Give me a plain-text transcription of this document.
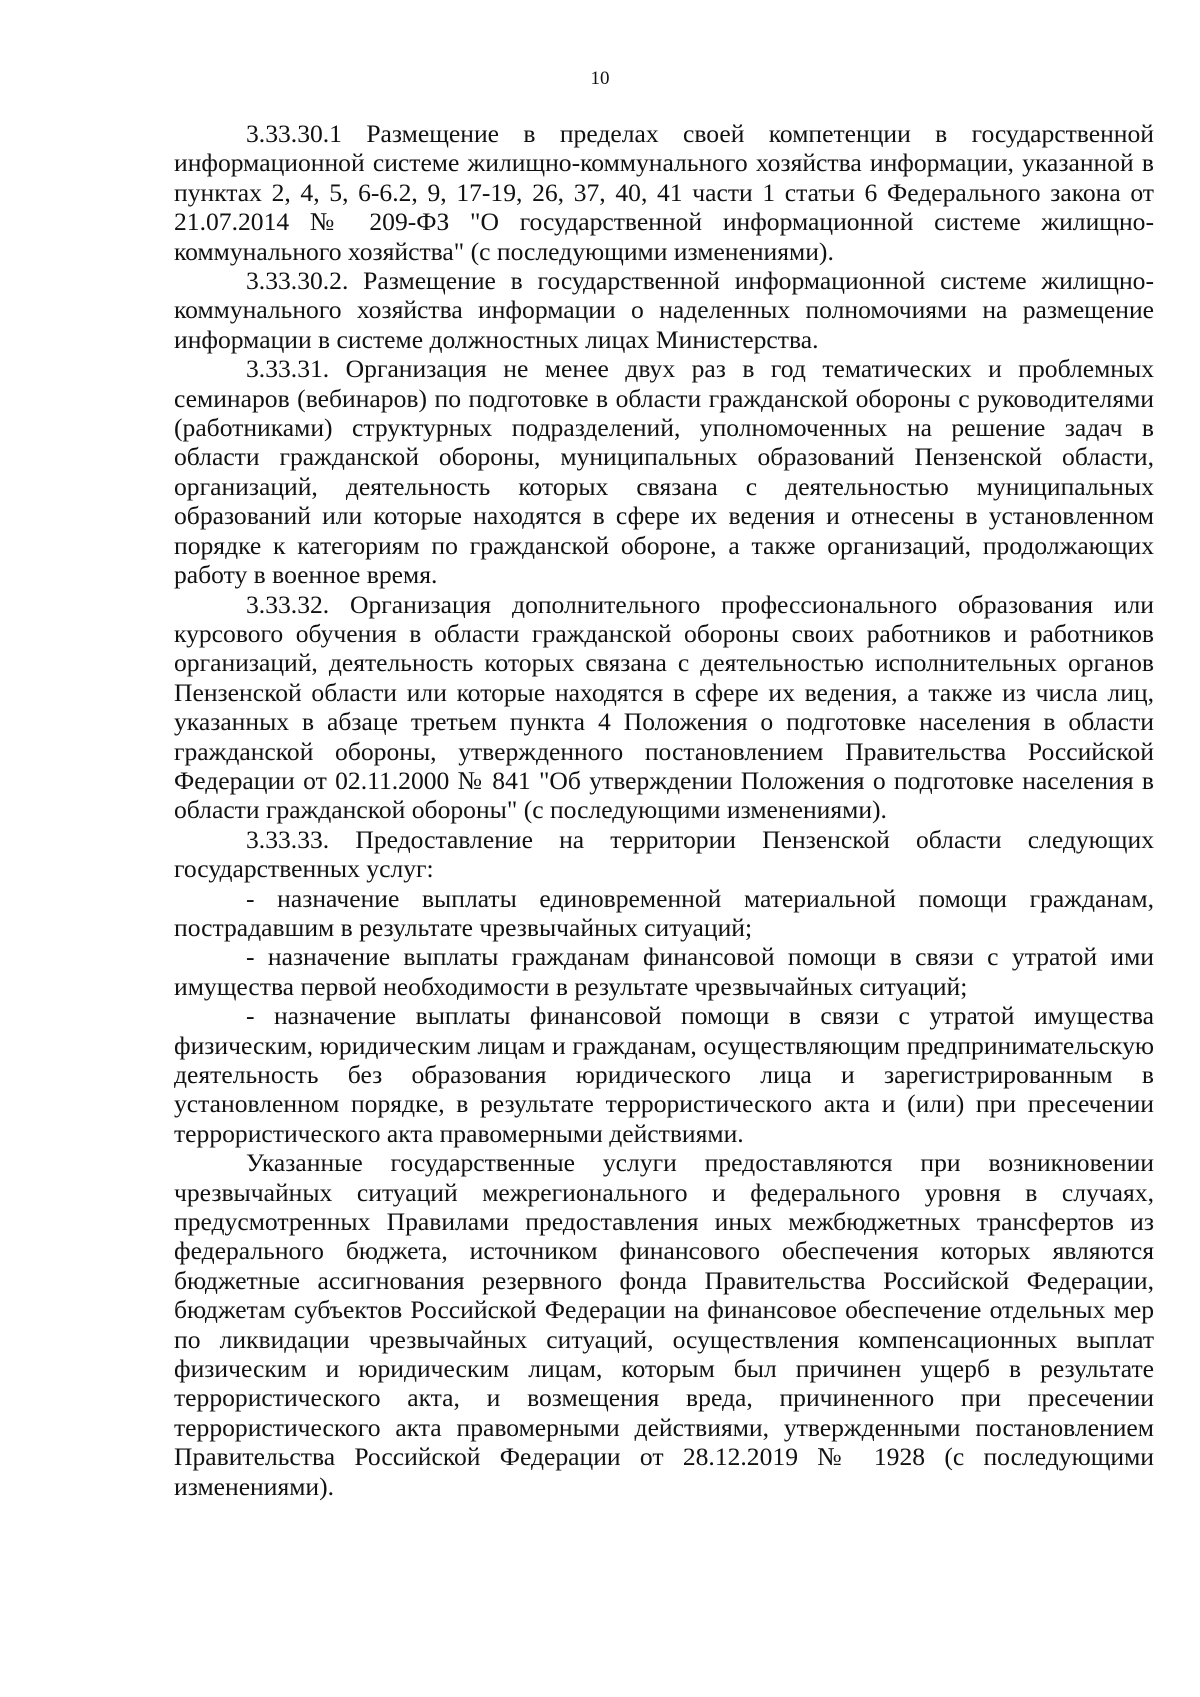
10

3.33.30.1 Размещение в пределах своей компетенции в государственной информационной системе жилищно-коммунального хозяйства информации, указанной в пунктах 2, 4, 5, 6-6.2, 9, 17-19, 26, 37, 40, 41 части 1 статьи 6 Федерального закона от 21.07.2014 № 209-ФЗ "О государственной информационной системе жилищно-коммунального хозяйства" (с последующими изменениями).

3.33.30.2. Размещение в государственной информационной системе жилищно-коммунального хозяйства информации о наделенных полномочиями на размещение информации в системе должностных лицах Министерства.

3.33.31. Организация не менее двух раз в год тематических и проблемных семинаров (вебинаров) по подготовке в области гражданской обороны с руководителями (работниками) структурных подразделений, уполномоченных на решение задач в области гражданской обороны, муниципальных образований Пензенской области, организаций, деятельность которых связана с деятельностью муниципальных образований или которые находятся в сфере их ведения и отнесены в установленном порядке к категориям по гражданской обороне, а также организаций, продолжающих работу в военное время.

3.33.32. Организация дополнительного профессионального образования или курсового обучения в области гражданской обороны своих работников и работников организаций, деятельность которых связана с деятельностью исполнительных органов Пензенской области или которые находятся в сфере их ведения, а также из числа лиц, указанных в абзаце третьем пункта 4 Положения о подготовке населения в области гражданской обороны, утвержденного постановлением Правительства Российской Федерации от 02.11.2000 № 841 "Об утверждении Положения о подготовке населения в области гражданской обороны" (с последующими изменениями).

3.33.33. Предоставление на территории Пензенской области следующих государственных услуг:

- назначение выплаты единовременной материальной помощи гражданам, пострадавшим в результате чрезвычайных ситуаций;

- назначение выплаты гражданам финансовой помощи в связи с утратой ими имущества первой необходимости в результате чрезвычайных ситуаций;

- назначение выплаты финансовой помощи в связи с утратой имущества физическим, юридическим лицам и гражданам, осуществляющим предпринимательскую деятельность без образования юридического лица и зарегистрированным в установленном порядке, в результате террористического акта и (или) при пресечении террористического акта правомерными действиями.

Указанные государственные услуги предоставляются при возникновении чрезвычайных ситуаций межрегионального и федерального уровня в случаях, предусмотренных Правилами предоставления иных межбюджетных трансфертов из федерального бюджета, источником финансового обеспечения которых являются бюджетные ассигнования резервного фонда Правительства Российской Федерации, бюджетам субъектов Российской Федерации на финансовое обеспечение отдельных мер по ликвидации чрезвычайных ситуаций, осуществления компенсационных выплат физическим и юридическим лицам, которым был причинен ущерб в результате террористического акта, и возмещения вреда, причиненного при пресечении террористического акта правомерными действиями, утвержденными постановлением Правительства Российской Федерации от 28.12.2019 № 1928 (с последующими изменениями).
